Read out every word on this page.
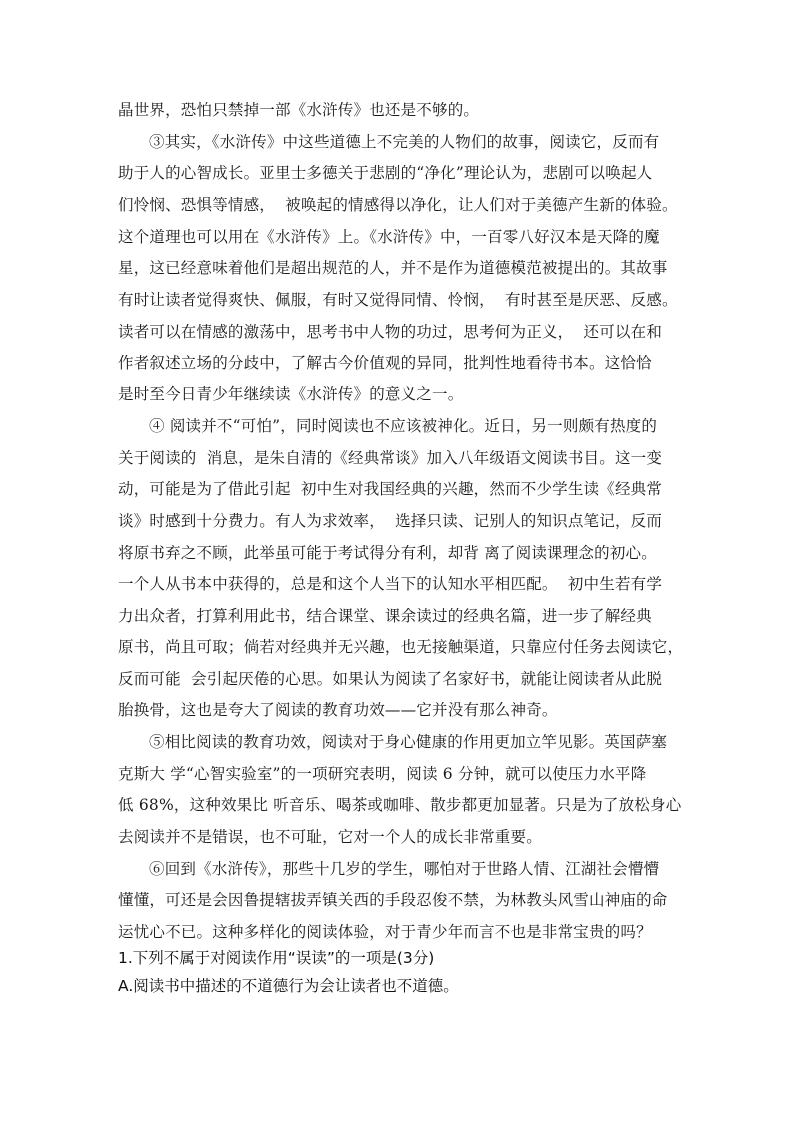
晶世界，恐怕只禁掉一部《水浒传》也还是不够的。
③其实，《水浒传》中这些道德上不完美的人物们的故事，阅读它，反而有
助于人的心智成长。亚里士多德关于悲剧的“净化”理论认为，悲剧可以唤起人
们怜悯、恐惧等情感，  被唤起的情感得以净化，让人们对于美德产生新的体验。
这个道理也可以用在《水浒传》上。《水浒传》中，一百零八好汉本是天降的魔
星，这已经意味着他们是超出规范的人，并不是作为道德模范被提出的。其故事
有时让读者觉得爽快、佩服，有时又觉得同情、怜悯，  有时甚至是厌恶、反感。
读者可以在情感的激荡中，思考书中人物的功过，思考何为正义，  还可以在和
作者叙述立场的分歧中，了解古今价值观的异同，批判性地看待书本。这恰恰
是时至今日青少年继续读《水浒传》的意义之一。
④ 阅读并不“可怕”，同时阅读也不应该被神化。近日，另一则颇有热度的
关于阅读的  消息，是朱自清的《经典常谈》加入八年级语文阅读书目。这一变
动，可能是为了借此引起  初中生对我国经典的兴趣，然而不少学生读《经典常
谈》时感到十分费力。有人为求效率，  选择只读、记别人的知识点笔记，反而
将原书弃之不顾，此举虽可能于考试得分有利，却背 离了阅读课理念的初心。
一个人从书本中获得的，总是和这个人当下的认知水平相匹配。  初中生若有学
力出众者，打算利用此书，结合课堂、课余读过的经典名篇，进一步了解经典
原书，尚且可取；倘若对经典并无兴趣，也无接触渠道，只靠应付任务去阅读它，
反而可能  会引起厌倦的心思。如果认为阅读了名家好书，就能让阅读者从此脱
胎换骨，这也是夸大了阅读的教育功效——它并没有那么神奇。
⑤相比阅读的教育功效，阅读对于身心健康的作用更加立竿见影。英国萨塞
克斯大 学“心智实验室”的一项研究表明，阅读 6 分钟，就可以使压力水平降
低 68%，这种效果比 听音乐、喝茶或咖啡、散步都更加显著。只是为了放松身心
去阅读并不是错误，也不可耻，它对一个人的成长非常重要。
⑥回到《水浒传》，那些十几岁的学生，哪怕对于世路人情、江湖社会懵懵
懂懂，可还是会因鲁提辖拔弄镇关西的手段忍俊不禁，为林教头风雪山神庙的命
运忧心不已。这种多样化的阅读体验，对于青少年而言不也是非常宝贵的吗？
1.下列不属于对阅读作用“误读”的一项是(3分)
A.阅读书中描述的不道德行为会让读者也不道德。
